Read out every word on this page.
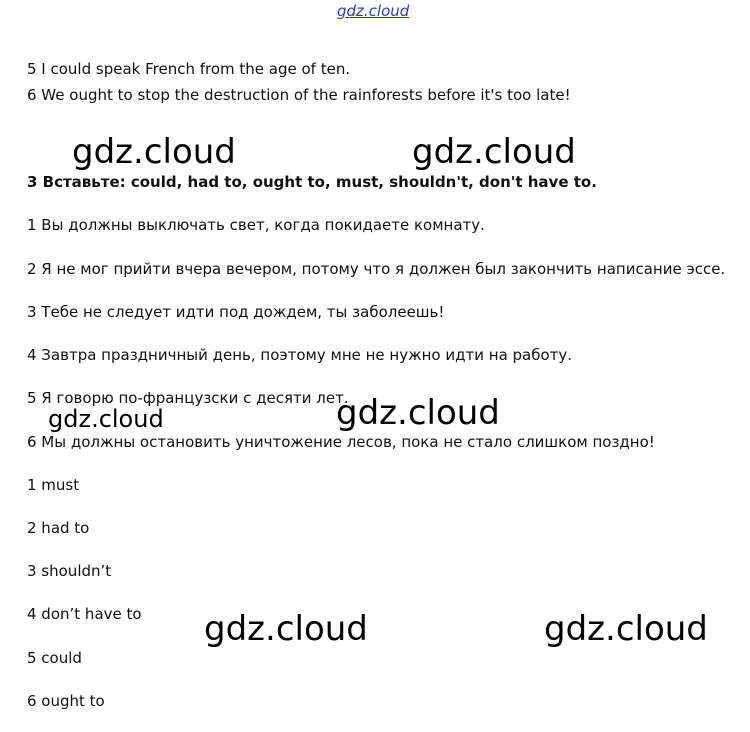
gdz.cloud
5 I could speak French from the age of ten.
6 We ought to stop the destruction of the rainforests before it's too late!
gdz.cloud	gdz.cloud
3 Вставьте: could, had to, ought to, must, shouldn't, don't have to.
1 Вы должны выключать свет, когда покидаете комнату.
2 Я не мог прийти вчера вечером, потому что я должен был закончить написание эссе.
3 Тебе не следует идти под дождем, ты заболеешь!
4 Завтра праздничный день, поэтому мне не нужно идти на работу.
5 Я говорю по-французски с десяти лет.
gdz.cloud	gdz.cloud
6 Мы должны остановить уничтожение лесов, пока не стало слишком поздно!
1 must
2 had to
3 shouldn’t
4 don’t have to
5 could
6 ought to
gdz.cloud	gdz.cloud
